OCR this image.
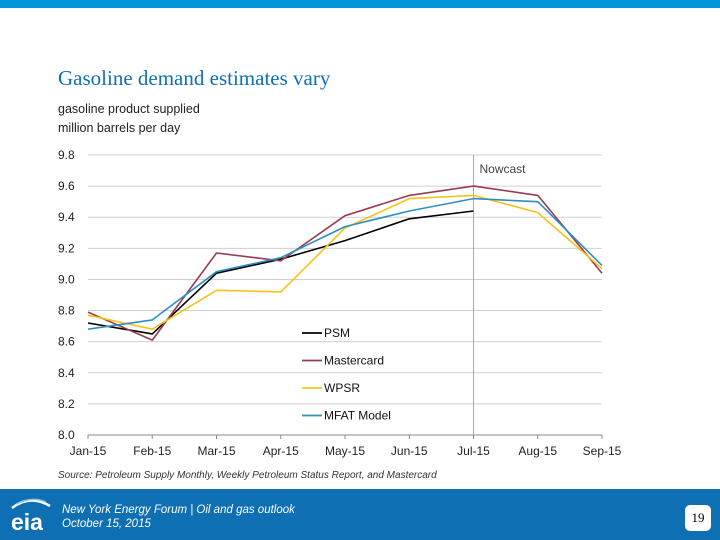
Gasoline demand estimates vary
gasoline product supplied
million barrels per day
8.0
8.2
8.4
8.6
8.8
9.0
9.2
9.4
9.6
9.8
Jan-15 Feb-15 Mar-15 Apr-15 May-15 Jun-15 Jul-15 Aug-15 Sep-15
Nowcast
PSM
Mastercard
WPSR
MFAT Model
Source: Petroleum Supply Monthly, Weekly Petroleum Status Report, and Mastercard
eia New York Energy Forum | Oil and gas outlook
October 15, 2015	19
